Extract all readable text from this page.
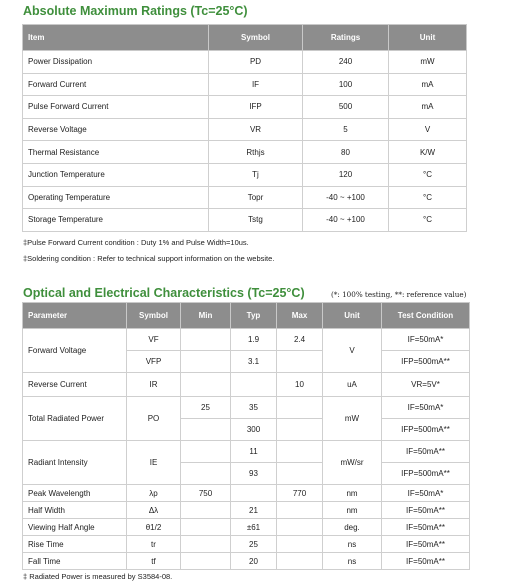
Absolute Maximum Ratings (Tc=25°C)
Item	Symbol	Ratings	Unit
Power Dissipation	PD	240	mW
Forward Current	IF	100	mA
Pulse Forward Current	IFP	500	mA
Reverse Voltage	VR	5	V
Thermal Resistance	Rthjs	80	K/W
Junction Temperature	Tj	120	°C
Operating Temperature	Topr	-40 ~ +100	°C
Storage Temperature	Tstg	-40 ~ +100	°C
‡Pulse Forward Current condition : Duty 1% and Pulse Width=10us.
‡Soldering condition : Refer to technical support information on the website.
Optical and Electrical Characteristics (Tc=25°C)	(*: 100% testing, **: reference value)
Parameter	Symbol	Min	Typ	Max	Unit	Test Condition
Forward Voltage	VF		1.9	2.4	V	IF=50mA*
	VFP		3.1			IFP=500mA**
Reverse Current	IR			10	uA	VR=5V*
Total Radiated Power	PO	25	35		mW	IF=50mA*
			300			IFP=500mA**
Radiant Intensity	IE		11		mW/sr	IF=50mA**
			93			IFP=500mA**
Peak Wavelength	λp	750		770	nm	IF=50mA*
Half Width	Δλ		21		nm	IF=50mA**
Viewing Half Angle	θ1/2		±61		deg.	IF=50mA**
Rise Time	tr		25		ns	IF=50mA**
Fall Time	tf		20		ns	IF=50mA**
‡ Radiated Power is measured by S3584-08.
